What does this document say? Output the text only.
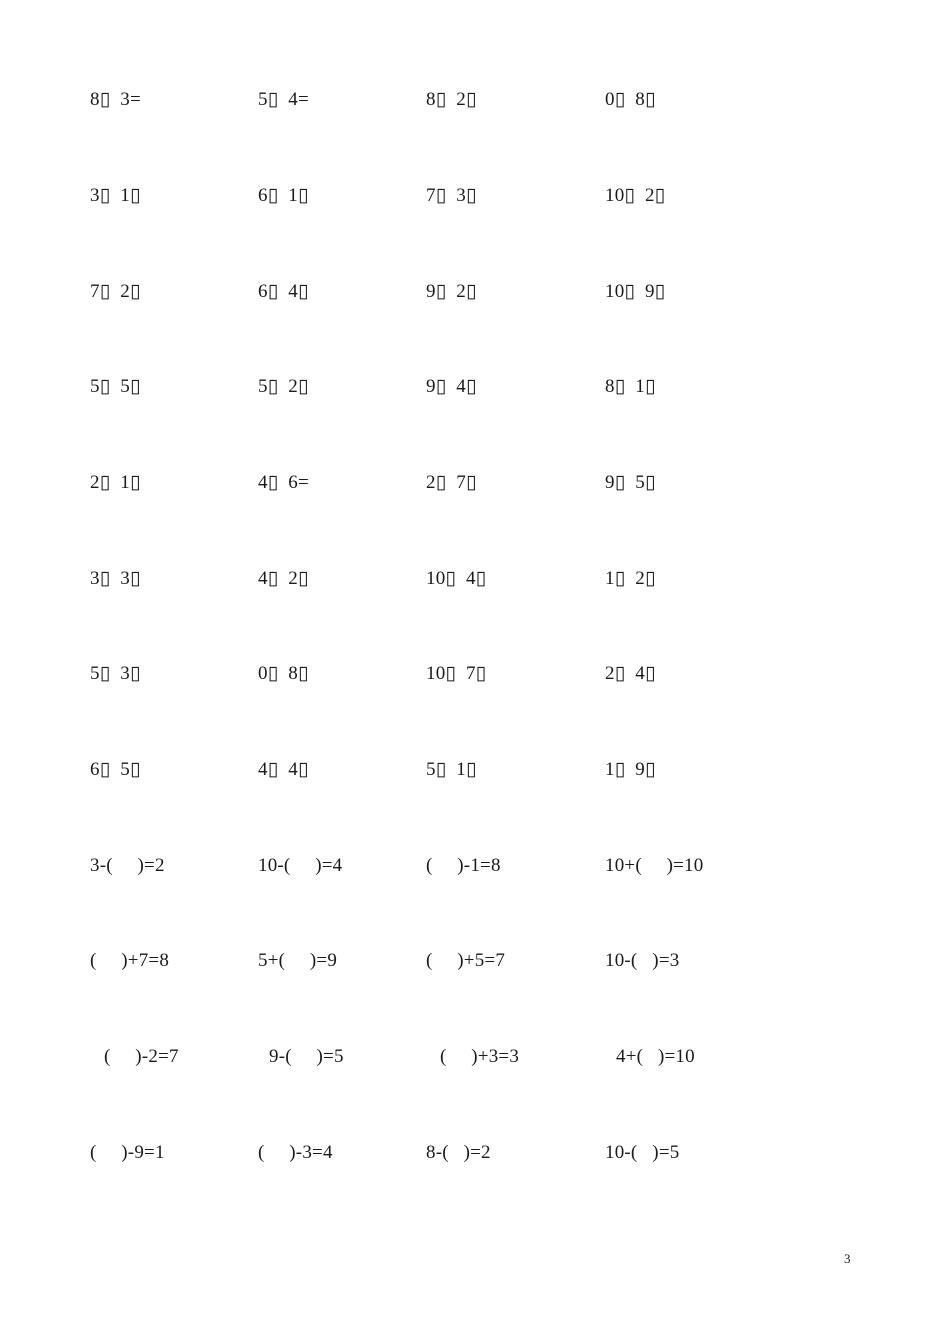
8▯  3=	5▯  4=	8▯  2▯	0▯  8▯
3▯  1▯	6▯  1▯	7▯  3▯	10▯  2▯
7▯  2▯	6▯  4▯	9▯  2▯	10▯  9▯
5▯  5▯	5▯  2▯	9▯  4▯	8▯  1▯
2▯  1▯	4▯  6=	2▯  7▯	9▯  5▯
3▯  3▯	4▯  2▯	10▯  4▯	1▯  2▯
5▯  3▯	0▯  8▯	10▯  7▯	2▯  4▯
6▯  5▯	4▯  4▯	5▯  1▯	1▯  9▯
3-(     )=2	10-(     )=4	(     )-1=8	10+(     )=10
(     )+7=8	5+(     )=9	(     )+5=7	10-(   )=3
(     )-2=7	9-(     )=5	(     )+3=3	4+(   )=10
(     )-9=1	(     )-3=4	8-(   )=2	10-(   )=5
3
